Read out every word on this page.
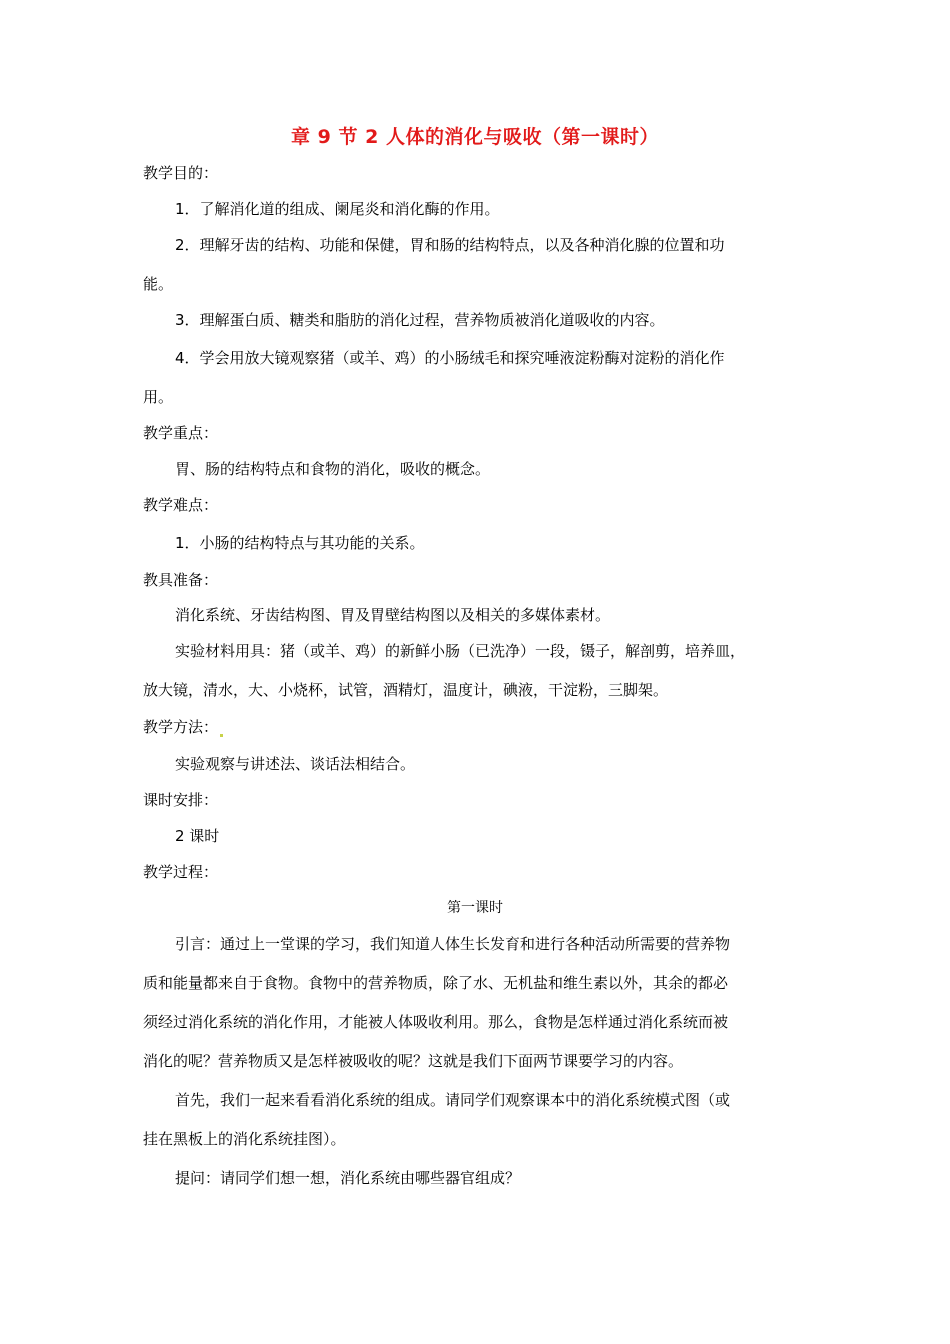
章 9 节 2 人体的消化与吸收（第一课时）
教学目的：
1．了解消化道的组成、阑尾炎和消化酶的作用。
2．理解牙齿的结构、功能和保健，胃和肠的结构特点，以及各种消化腺的位置和功
能。
3．理解蛋白质、糖类和脂肪的消化过程，营养物质被消化道吸收的内容。
4．学会用放大镜观察猪（或羊、鸡）的小肠绒毛和探究唾液淀粉酶对淀粉的消化作
用。
教学重点：
胃、肠的结构特点和食物的消化，吸收的概念。
教学难点：
1．小肠的结构特点与其功能的关系。
教具准备：
消化系统、牙齿结构图、胃及胃壁结构图以及相关的多媒体素材。
实验材料用具：猪（或羊、鸡）的新鲜小肠（已洗净）一段，镊子，解剖剪，培养皿，
放大镜，清水，大、小烧杯，试管，酒精灯，温度计，碘液，干淀粉，三脚架。
教学方法：
实验观察与讲述法、谈话法相结合。
课时安排：
2 课时
教学过程：
第一课时
引言：通过上一堂课的学习，我们知道人体生长发育和进行各种活动所需要的营养物
质和能量都来自于食物。食物中的营养物质，除了水、无机盐和维生素以外，其余的都必
须经过消化系统的消化作用，才能被人体吸收利用。那么，食物是怎样通过消化系统而被
消化的呢？营养物质又是怎样被吸收的呢？这就是我们下面两节课要学习的内容。
首先，我们一起来看看消化系统的组成。请同学们观察课本中的消化系统模式图（或
挂在黑板上的消化系统挂图）。
提问：请同学们想一想，消化系统由哪些器官组成？
